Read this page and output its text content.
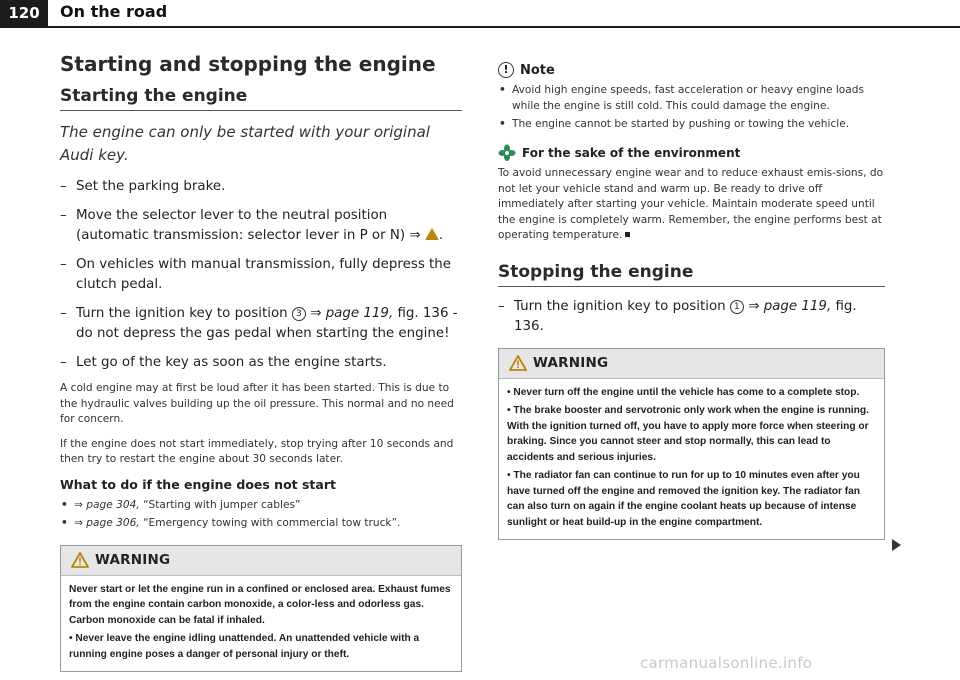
120	On the road
Starting and stopping the engine
Starting the engine

The engine can only be started with your original Audi key.

– Set the parking brake.
– Move the selector lever to the neutral position (automatic transmission: selector lever in P or N) ⇒ .
– On vehicles with manual transmission, fully depress the clutch pedal.
– Turn the ignition key to position 3 ⇒ page 119, fig. 136 - do not depress the gas pedal when starting the engine!
– Let go of the key as soon as the engine starts.

A cold engine may at first be loud after it has been started. This is due to the hydraulic valves building up the oil pressure. This normal and no need for concern.

If the engine does not start immediately, stop trying after 10 seconds and then try to restart the engine about 30 seconds later.

What to do if the engine does not start
• ⇒ page 304, “Starting with jumper cables”
• ⇒ page 306, “Emergency towing with commercial tow truck”.
WARNING

Never start or let the engine run in a confined or enclosed area. Exhaust fumes from the engine contain carbon monoxide, a color-less and odorless gas. Carbon monoxide can be fatal if inhaled.

• Never leave the engine idling unattended. An unattended vehicle with a running engine poses a danger of personal injury or theft.

! Note
• Avoid high engine speeds, fast acceleration or heavy engine loads while the engine is still cold. This could damage the engine.
• The engine cannot be started by pushing or towing the vehicle.
For the sake of the environment

To avoid unnecessary engine wear and to reduce exhaust emis-sions, do not let your vehicle stand and warm up. Be ready to drive off immediately after starting your vehicle. Maintain moderate speed until the engine is completely warm. Remember, the engine performs best at operating temperature.

Stopping the engine
– Turn the ignition key to position 1 ⇒ page 119, fig. 136.
WARNING

• Never turn off the engine until the vehicle has come to a complete stop.

• The brake booster and servotronic only work when the engine is running. With the ignition turned off, you have to apply more force when steering or braking. Since you cannot steer and stop normally, this can lead to accidents and serious injuries.

• The radiator fan can continue to run for up to 10 minutes even after you have turned off the engine and removed the ignition key. The radiator fan can also turn on again if the engine coolant heats up because of intense sunlight or heat build-up in the engine compartment.

carmanualsonline.info
